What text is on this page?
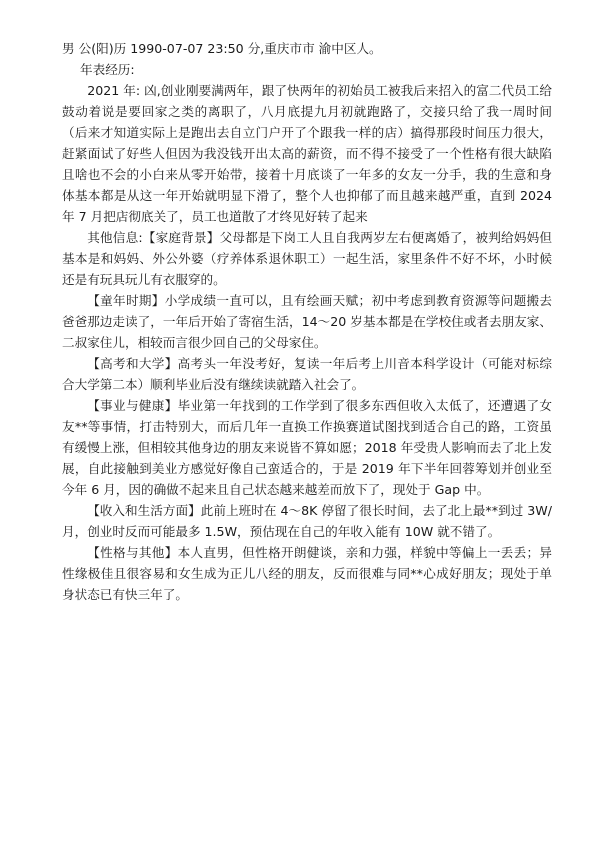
男 公(阳)历 1990-07-07 23:50 分,重庆市市 渝中区人。

年表经历:

2021 年: 凶,创业刚要满两年，跟了快两年的初始员工被我后来招入的富二代员工给鼓动着说是要回家之类的离职了，八月底提九月初就跑路了，交接只给了我一周时间（后来才知道实际上是跑出去自立门户开了个跟我一样的店）搞得那段时间压力很大，赶紧面试了好些人但因为我没钱开出太高的薪资，而不得不接受了一个性格有很大缺陷且啥也不会的小白来从零开始带，接着十月底谈了一年多的女友一分手，我的生意和身体基本都是从这一年开始就明显下滑了，整个人也抑郁了而且越来越严重，直到 2024 年 7 月把店彻底关了，员工也道散了才终见好转了起来

其他信息:【家庭背景】父母都是下岗工人且自我两岁左右便离婚了，被判给妈妈但基本是和妈妈、外公外婆（疗养体系退休职工）一起生活，家里条件不好不坏，小时候还是有玩具玩儿有衣服穿的。

【童年时期】小学成绩一直可以，且有绘画天赋；初中考虑到教育资源等问题搬去爸爸那边走读了，一年后开始了寄宿生活，14～20 岁基本都是在学校住或者去朋友家、二叔家住儿，相较而言很少回自己的父母家住。

【高考和大学】高考头一年没考好，复读一年后考上川音本科学设计（可能对标综合大学第二本）顺利毕业后没有继续读就踏入社会了。

【事业与健康】毕业第一年找到的工作学到了很多东西但收入太低了，还遭遇了女友**等事情，打击特别大，而后几年一直换工作换赛道试图找到适合自己的路，工资虽有缓慢上涨，但相较其他身边的朋友来说皆不算如愿；2018 年受贵人影响而去了北上发展，自此接触到美业方感觉好像自己蛮适合的，于是 2019 年下半年回蓉筹划并创业至今年 6 月，因的确做不起来且自己状态越来越差而放下了，现处于 Gap 中。

【收入和生活方面】此前上班时在 4～8K 停留了很长时间，去了北上最**到过 3W/月，创业时反而可能最多 1.5W，预估现在自己的年收入能有 10W 就不错了。

【性格与其他】本人直男，但性格开朗健谈，亲和力强，样貌中等偏上一丢丢；异性缘极佳且很容易和女生成为正儿八经的朋友，反而很难与同**心成好朋友；现处于单身状态已有快三年了。
